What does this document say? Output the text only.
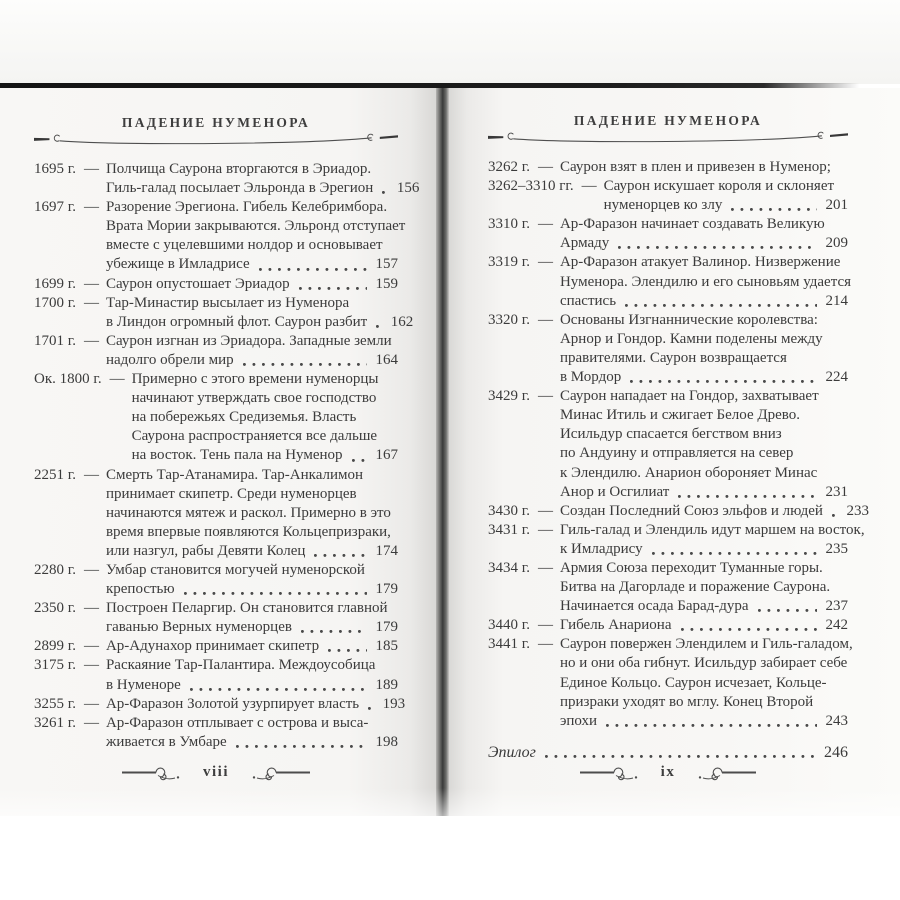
ПАДЕНИЕ НУМЕНОРА
1695 г. — Полчища Саурона вторгаются в Эриадор.
Гиль-галад посылает Эльронда в Эрегион 156
1697 г. — Разорение Эрегиона. Гибель Келебримбора.
Врата Мории закрываются. Эльронд отступает
вместе с уцелевшими нолдор и основывает
убежище в Имладрисе	157
1699 г. — Саурон опустошает Эриадор	159
1700 г. — Тар-Минастир высылает из Нуменора
в Линдон огромный флот. Саурон разбит 162
1701 г. — Саурон изгнан из Эриадора. Западные земли
надолго обрели мир	164
Ок. 1800 г. — Примерно с этого времени нуменорцы
начинают утверждать свое господство
на побережьях Средиземья. Власть
Саурона распространяется все дальше
на восток. Тень пала на Нуменор 167
2251 г. — Смерть Тар-Атанамира. Тар-Анкалимон
принимает скипетр. Среди нуменорцев
начинаются мятеж и раскол. Примерно в это
время впервые появляются Кольцепризраки,
или назгул, рабы Девяти Колец	174
2280 г. — Умбар становится могучей нуменорской
крепостью	179
2350 г. — Построен Пеларгир. Он становится главной
гаванью Верных нуменорцев	179
2899 г. — Ар-Адунахор принимает скипетр	185
3175 г. — Раскаяние Тар-Палантира. Междоусобица
в Нуменоре	189
3255 г. — Ар-Фаразон Золотой узурпирует власть 193
3261 г. — Ар-Фаразон отплывает с острова и выса-
живается в Умбаре	198
viii
ПАДЕНИЕ НУМЕНОРА
3262 г. — Саурон взят в плен и привезен в Нуменор;
3262–3310 гг. — Саурон искушает короля и склоняет
нуменорцев ко злу	201
3310 г. — Ар-Фаразон начинает создавать Великую
Армаду	209
3319 г. — Ар-Фаразон атакует Валинор. Низвержение
Нуменора. Элендилю и его сыновьям удается
спастись	214
3320 г. — Основаны Изгнаннические королевства:
Арнор и Гондор. Камни поделены между
правителями. Саурон возвращается
в Мордор	224
3429 г. — Саурон нападает на Гондор, захватывает
Минас Итиль и сжигает Белое Древо.
Исильдур спасается бегством вниз
по Андуину и отправляется на север
к Элендилю. Анарион обороняет Минас
Анор и Осгилиат	231
3430 г. — Создан Последний Союз эльфов и людей 233
3431 г. — Гиль-галад и Элендиль идут маршем на восток,
к Имладрису	235
3434 г. — Армия Союза переходит Туманные горы.
Битва на Дагорладе и поражение Саурона.
Начинается осада Барад-дура	237
3440 г. — Гибель Анариона	242
3441 г. — Саурон повержен Элендилем и Гиль-галадом,
но и они оба гибнут. Исильдур забирает себе
Единое Кольцо. Саурон исчезает, Кольце-
призраки уходят во мглу. Конец Второй
эпохи	243
Эпилог	246
ix
